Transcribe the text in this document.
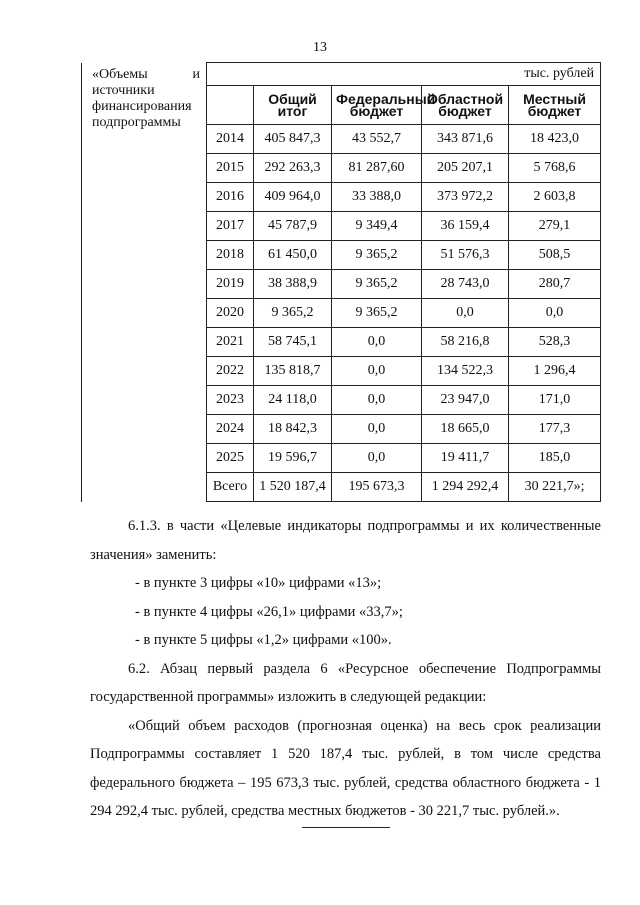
13
«Объемы и
источники
финансирования
подпрограммы	тыс. рублей				
		Общий итог	Федеральный бюджет	Областной бюджет	Местный бюджет
	2014	405 847,3	43 552,7	343 871,6	18 423,0
	2015	292 263,3	81 287,60	205 207,1	5 768,6
	2016	409 964,0	33 388,0	373 972,2	2 603,8
	2017	45 787,9	9 349,4	36 159,4	279,1
	2018	61 450,0	9 365,2	51 576,3	508,5
	2019	38 388,9	9 365,2	28 743,0	280,7
	2020	9 365,2	9 365,2	0,0	0,0
	2021	58 745,1	0,0	58 216,8	528,3
	2022	135 818,7	0,0	134 522,3	1 296,4
	2023	24 118,0	0,0	23 947,0	171,0
	2024	18 842,3	0,0	18 665,0	177,3
	2025	19 596,7	0,0	19 411,7	185,0
	Всего	1 520 187,4	195 673,3	1 294 292,4	30 221,7»;

6.1.3. в части «Целевые индикаторы подпрограммы и их количественные значения» заменить:

- в пункте 3 цифры «10» цифрами «13»;

- в пункте 4 цифры «26,1» цифрами «33,7»;

- в пункте 5 цифры «1,2» цифрами «100».

6.2. Абзац первый раздела 6 «Ресурсное обеспечение Подпрограммы государственной программы» изложить в следующей редакции:

«Общий объем расходов (прогнозная оценка) на весь срок реализации Подпрограммы составляет 1 520 187,4 тыс. рублей, в том числе средства федерального бюджета – 195 673,3 тыс. рублей, средства областного бюджета - 1 294 292,4 тыс. рублей, средства местных бюджетов - 30 221,7 тыс. рублей.».
